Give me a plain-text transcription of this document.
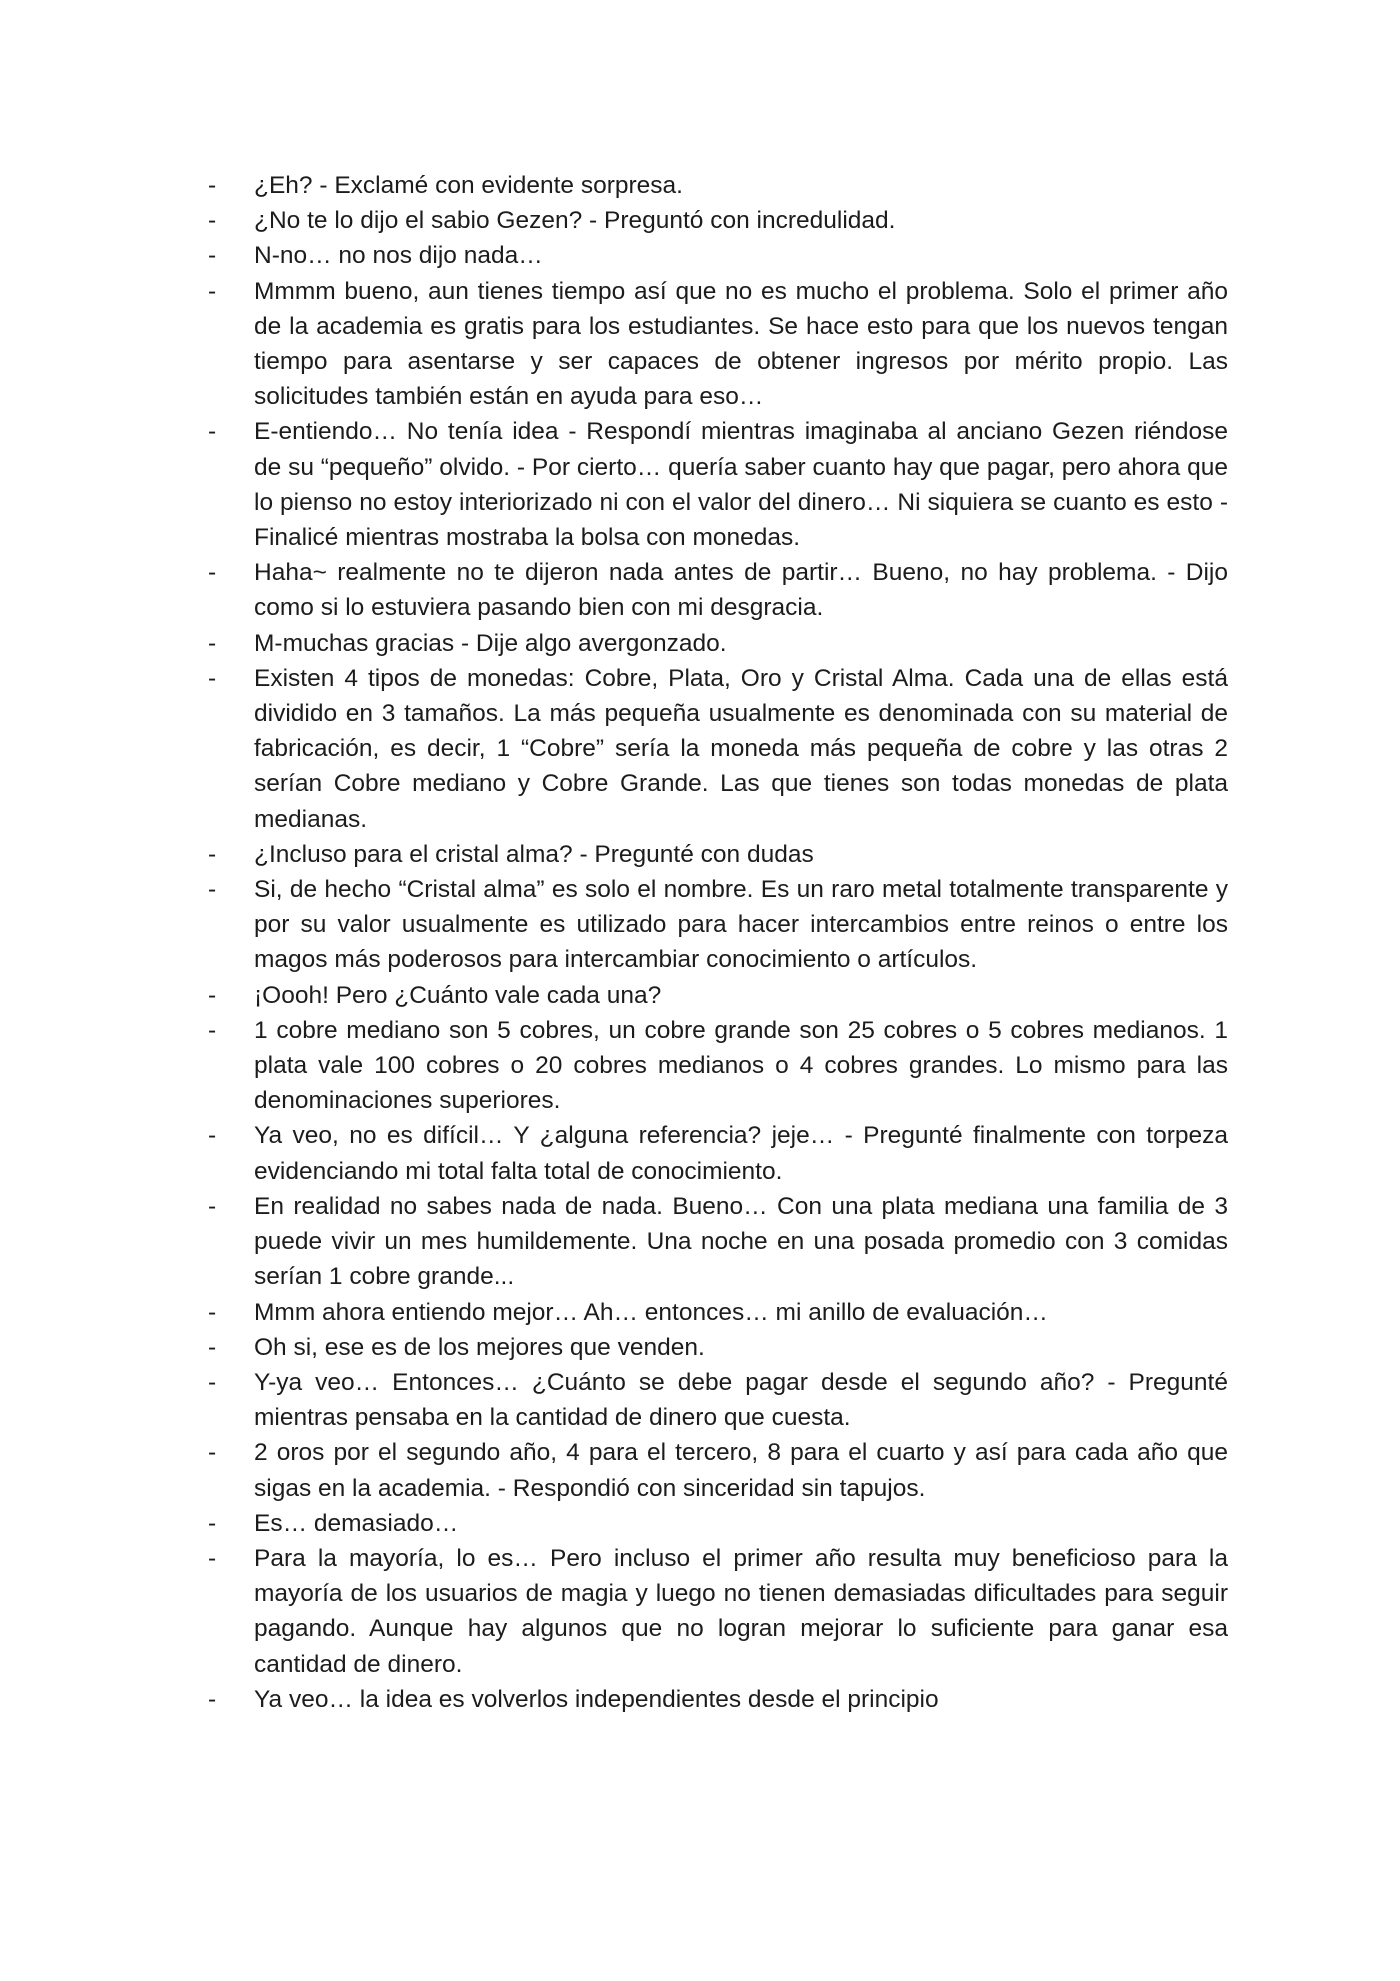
-	¿Eh? - Exclamé con evidente sorpresa.
-	¿No te lo dijo el sabio Gezen? - Preguntó con incredulidad.
-	N-no… no nos dijo nada…
-	Mmmm bueno, aun tienes tiempo así que no es mucho el problema. Solo el primer año de la academia es gratis para los estudiantes. Se hace esto para que los nuevos tengan tiempo para asentarse y ser capaces de obtener ingresos por mérito propio. Las solicitudes también están en ayuda para eso…
-	E-entiendo… No tenía idea - Respondí mientras imaginaba al anciano Gezen riéndose de su “pequeño” olvido. - Por cierto… quería saber cuanto hay que pagar, pero ahora que lo pienso no estoy interiorizado ni con el valor del dinero… Ni siquiera se cuanto es esto - Finalicé mientras mostraba la bolsa con monedas.
-	Haha~ realmente no te dijeron nada antes de partir… Bueno, no hay problema. - Dijo como si lo estuviera pasando bien con mi desgracia.
-	M-muchas gracias - Dije algo avergonzado.
-	Existen 4 tipos de monedas: Cobre, Plata, Oro y Cristal Alma. Cada una de ellas está dividido en 3 tamaños. La más pequeña usualmente es denominada con su material de fabricación, es decir, 1 “Cobre” sería la moneda más pequeña de cobre y las otras 2 serían Cobre mediano y Cobre Grande. Las que tienes son todas monedas de plata medianas.
-	¿Incluso para el cristal alma? - Pregunté con dudas
-	Si, de hecho “Cristal alma” es solo el nombre. Es un raro metal totalmente transparente y por su valor usualmente es utilizado para hacer intercambios entre reinos o entre los magos más poderosos para intercambiar conocimiento o artículos.
-	¡Oooh! Pero ¿Cuánto vale cada una?
-	1 cobre mediano son 5 cobres, un cobre grande son 25 cobres o 5 cobres medianos. 1 plata vale 100 cobres o 20 cobres medianos o 4 cobres grandes. Lo mismo para las denominaciones superiores.
-	Ya veo, no es difícil… Y ¿alguna referencia? jeje… - Pregunté finalmente con torpeza evidenciando mi total falta total de conocimiento.
-	En realidad no sabes nada de nada. Bueno… Con una plata mediana una familia de 3 puede vivir un mes humildemente. Una noche en una posada promedio con 3 comidas serían 1 cobre grande...
-	Mmm ahora entiendo mejor… Ah… entonces… mi anillo de evaluación…
-	Oh si, ese es de los mejores que venden.
-	Y-ya veo… Entonces… ¿Cuánto se debe pagar desde el segundo año? - Pregunté mientras pensaba en la cantidad de dinero que cuesta.
-	2 oros por el segundo año, 4 para el tercero, 8 para el cuarto y así para cada año que sigas en la academia. - Respondió con sinceridad sin tapujos.
-	Es… demasiado…
-	Para la mayoría, lo es… Pero incluso el primer año resulta muy beneficioso para la mayoría de los usuarios de magia y luego no tienen demasiadas dificultades para seguir pagando. Aunque hay algunos que no logran mejorar lo suficiente para ganar esa cantidad de dinero.
-	Ya veo… la idea es volverlos independientes desde el principio
